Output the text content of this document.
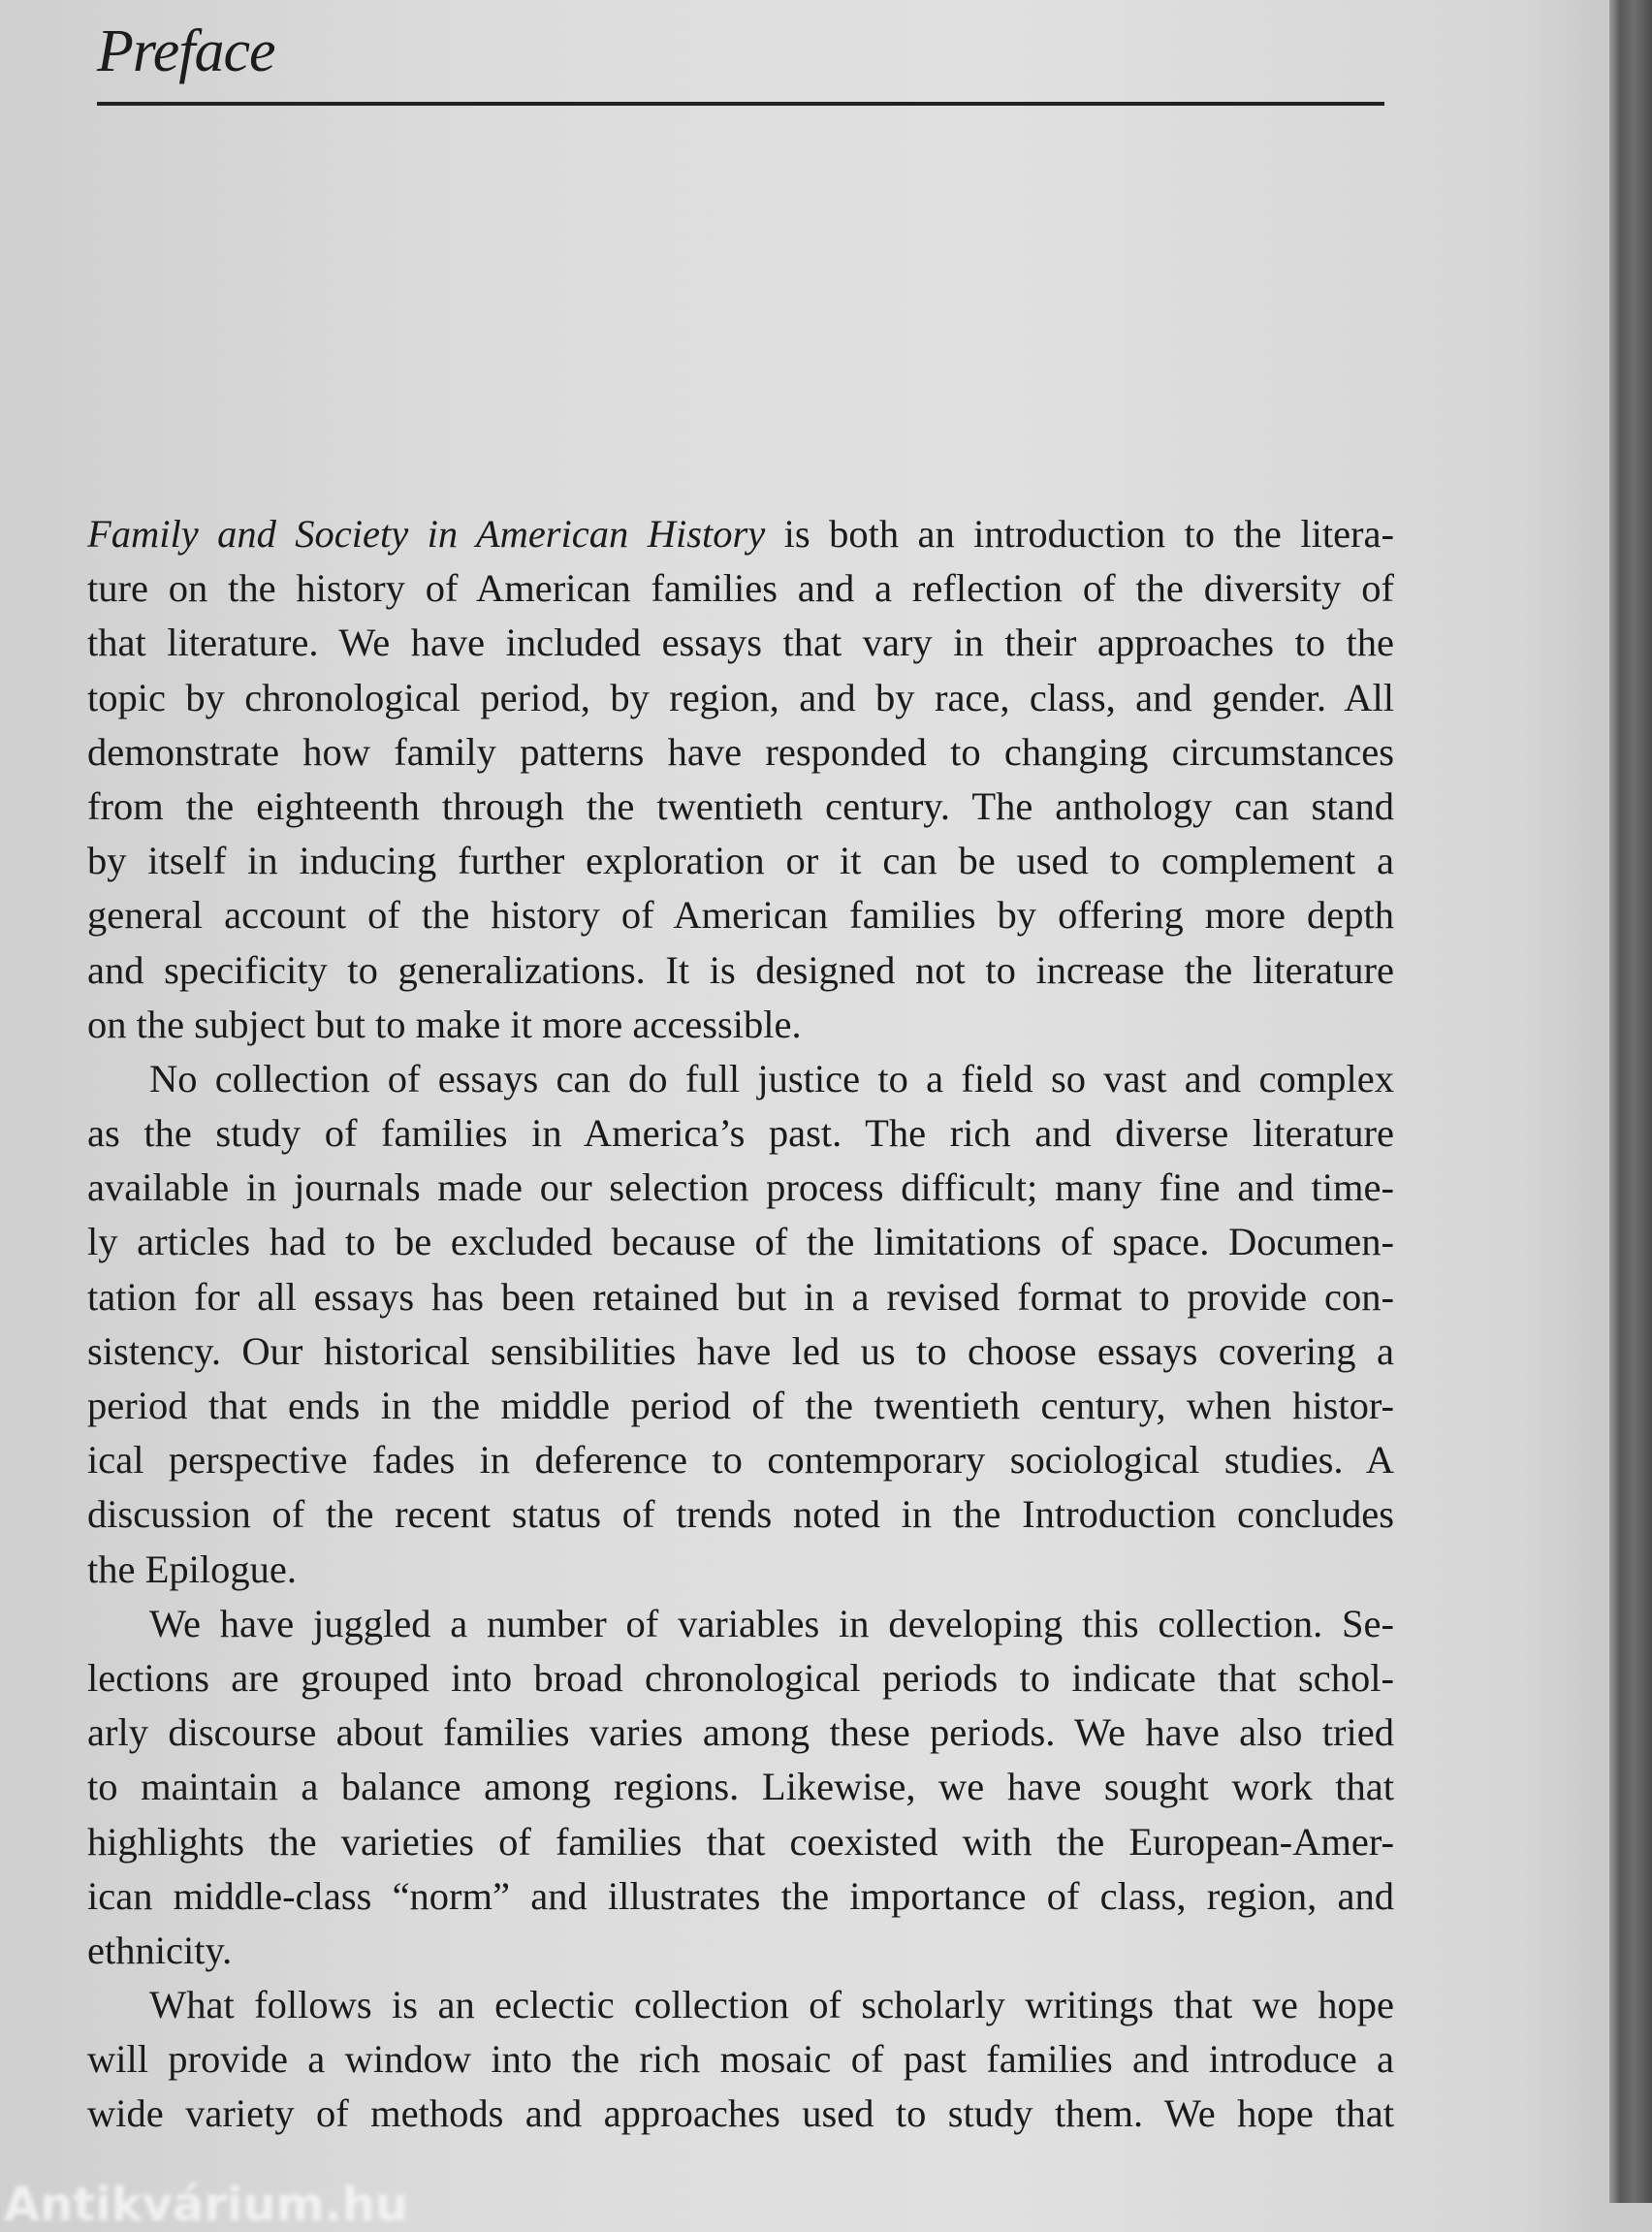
Preface
Family and Society in American History is both an introduction to the litera-
ture on the history of American families and a reflection of the diversity of
that literature. We have included essays that vary in their approaches to the
topic by chronological period, by region, and by race, class, and gender. All
demonstrate how family patterns have responded to changing circumstances
from the eighteenth through the twentieth century. The anthology can stand
by itself in inducing further exploration or it can be used to complement a
general account of the history of American families by offering more depth
and specificity to generalizations. It is designed not to increase the literature
on the subject but to make it more accessible.
No collection of essays can do full justice to a field so vast and complex
as the study of families in America’s past. The rich and diverse literature
available in journals made our selection process difficult; many fine and time-
ly articles had to be excluded because of the limitations of space. Documen-
tation for all essays has been retained but in a revised format to provide con-
sistency. Our historical sensibilities have led us to choose essays covering a
period that ends in the middle period of the twentieth century, when histor-
ical perspective fades in deference to contemporary sociological studies. A
discussion of the recent status of trends noted in the Introduction concludes
the Epilogue.
We have juggled a number of variables in developing this collection. Se-
lections are grouped into broad chronological periods to indicate that schol-
arly discourse about families varies among these periods. We have also tried
to maintain a balance among regions. Likewise, we have sought work that
highlights the varieties of families that coexisted with the European-Amer-
ican middle-class “norm” and illustrates the importance of class, region, and
ethnicity.
What follows is an eclectic collection of scholarly writings that we hope
will provide a window into the rich mosaic of past families and introduce a
wide variety of methods and approaches used to study them. We hope that
Antikvárium.hu
